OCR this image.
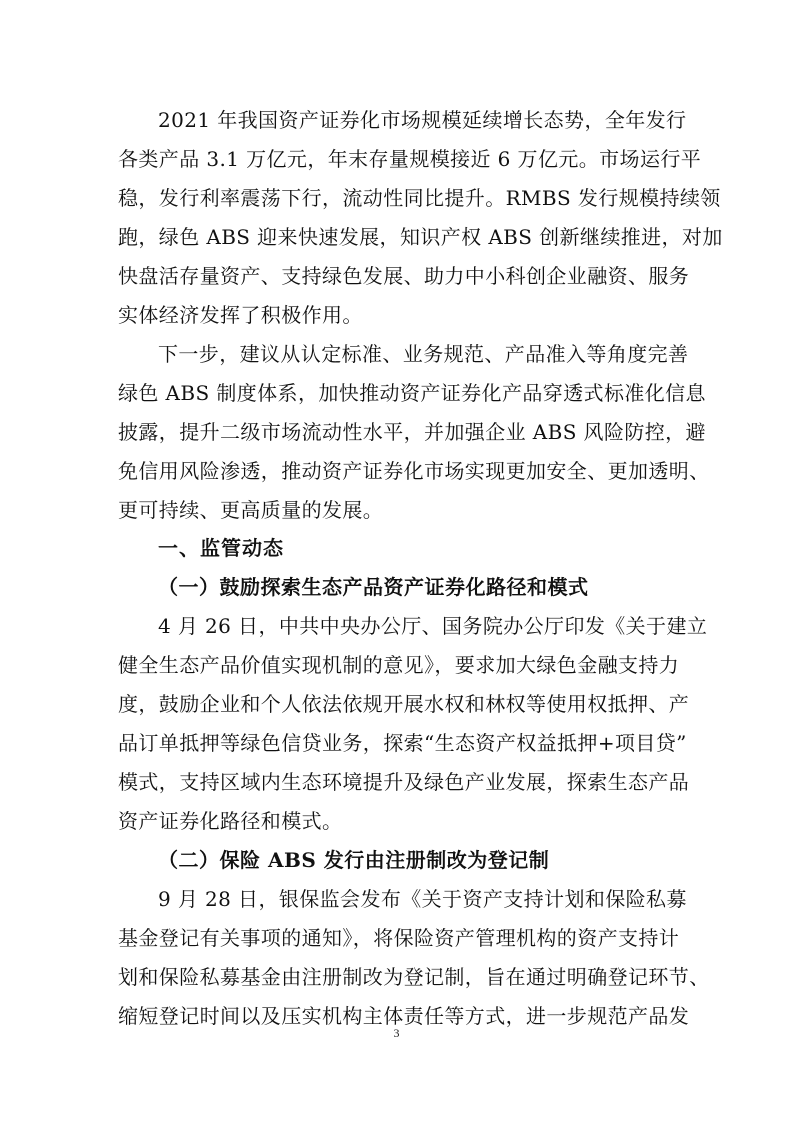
2021 年我国资产证券化市场规模延续增长态势，全年发行
各类产品 3.1 万亿元，年末存量规模接近 6 万亿元。市场运行平
稳，发行利率震荡下行，流动性同比提升。RMBS 发行规模持续领
跑，绿色 ABS 迎来快速发展，知识产权 ABS 创新继续推进，对加
快盘活存量资产、支持绿色发展、助力中小科创企业融资、服务
实体经济发挥了积极作用。
下一步，建议从认定标准、业务规范、产品准入等角度完善
绿色 ABS 制度体系，加快推动资产证券化产品穿透式标准化信息
披露，提升二级市场流动性水平，并加强企业 ABS 风险防控，避
免信用风险渗透，推动资产证券化市场实现更加安全、更加透明、
更可持续、更高质量的发展。
一、监管动态
（一）鼓励探索生态产品资产证券化路径和模式
4 月 26 日，中共中央办公厅、国务院办公厅印发《关于建立
健全生态产品价值实现机制的意见》，要求加大绿色金融支持力
度，鼓励企业和个人依法依规开展水权和林权等使用权抵押、产
品订单抵押等绿色信贷业务，探索“生态资产权益抵押+项目贷”
模式，支持区域内生态环境提升及绿色产业发展，探索生态产品
资产证券化路径和模式。
（二）保险 ABS 发行由注册制改为登记制
9 月 28 日，银保监会发布《关于资产支持计划和保险私募
基金登记有关事项的通知》，将保险资产管理机构的资产支持计
划和保险私募基金由注册制改为登记制，旨在通过明确登记环节、
缩短登记时间以及压实机构主体责任等方式，进一步规范产品发
3
